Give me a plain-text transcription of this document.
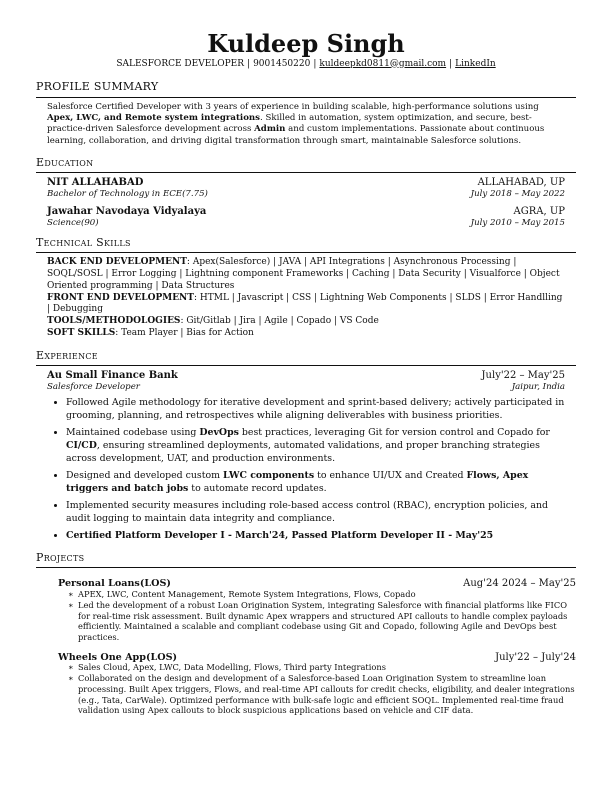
Kuldeep Singh
SALESFORCE DEVELOPER | 9001450220 | kuldeepkd0811@gmail.com | LinkedIn
PROFILE SUMMARY
Salesforce Certified Developer with 3 years of experience in building scalable, high-performance solutions using Apex, LWC, and Remote system integrations. Skilled in automation, system optimization, and secure, best-practice-driven Salesforce development across Admin and custom implementations. Passionate about continuous learning, collaboration, and driving digital transformation through smart, maintainable Salesforce solutions.
Education
NIT ALLAHABAD	ALLAHABAD, UP
Bachelor of Technology in ECE(7.75)	July 2018 – May 2022
Jawahar Navodaya Vidyalaya	AGRA, UP
Science(90)	July 2010 – May 2015
Technical Skills

BACK END DEVELOPMENT: Apex(Salesforce) | JAVA | API Integrations | Asynchronous Processing | SOQL/SOSL | Error Logging | Lightning component Frameworks | Caching | Data Security | Visualforce | Object Oriented programming | Data Structures

FRONT END DEVELOPMENT: HTML | Javascript | CSS | Lightning Web Components | SLDS | Error Handlling | Debugging

TOOLS/METHODOLOGIES: Git/Gitlab | Jira | Agile | Copado | VS Code

SOFT SKILLS: Team Player | Bias for Action

Experience
Au Small Finance Bank	July'22 – May'25
Salesforce Developer	Jaipur, India
• Followed Agile methodology for iterative development and sprint-based delivery; actively participated in grooming, planning, and retrospectives while aligning deliverables with business priorities.
• Maintained codebase using DevOps best practices, leveraging Git for version control and Copado for CI/CD, ensuring streamlined deployments, automated validations, and proper branching strategies across development, UAT, and production environments.
• Designed and developed custom LWC components to enhance UI/UX and Created Flows, Apex triggers and batch jobs to automate record updates.
• Implemented security measures including role-based access control (RBAC), encryption policies, and audit logging to maintain data integrity and compliance.
• Certified Platform Developer I - March'24, Passed Platform Developer II - May'25
Projects
Personal Loans(LOS)	Aug'24 2024 – May'25
∗ APEX, LWC, Content Management, Remote System Integrations, Flows, Copado
∗ Led the development of a robust Loan Origination System, integrating Salesforce with financial platforms like FICO for real-time risk assessment. Built dynamic Apex wrappers and structured API callouts to handle complex payloads efficiently. Maintained a scalable and compliant codebase using Git and Copado, following Agile and DevOps best practices.
Wheels One App(LOS)	July'22 – July'24
∗ Sales Cloud, Apex, LWC, Data Modelling, Flows, Third party Integrations
∗ Collaborated on the design and development of a Salesforce-based Loan Origination System to streamline loan processing. Built Apex triggers, Flows, and real-time API callouts for credit checks, eligibility, and dealer integrations (e.g., Tata, CarWale). Optimized performance with bulk-safe logic and efficient SOQL. Implemented real-time fraud validation using Apex callouts to block suspicious applications based on vehicle and CIF data.
